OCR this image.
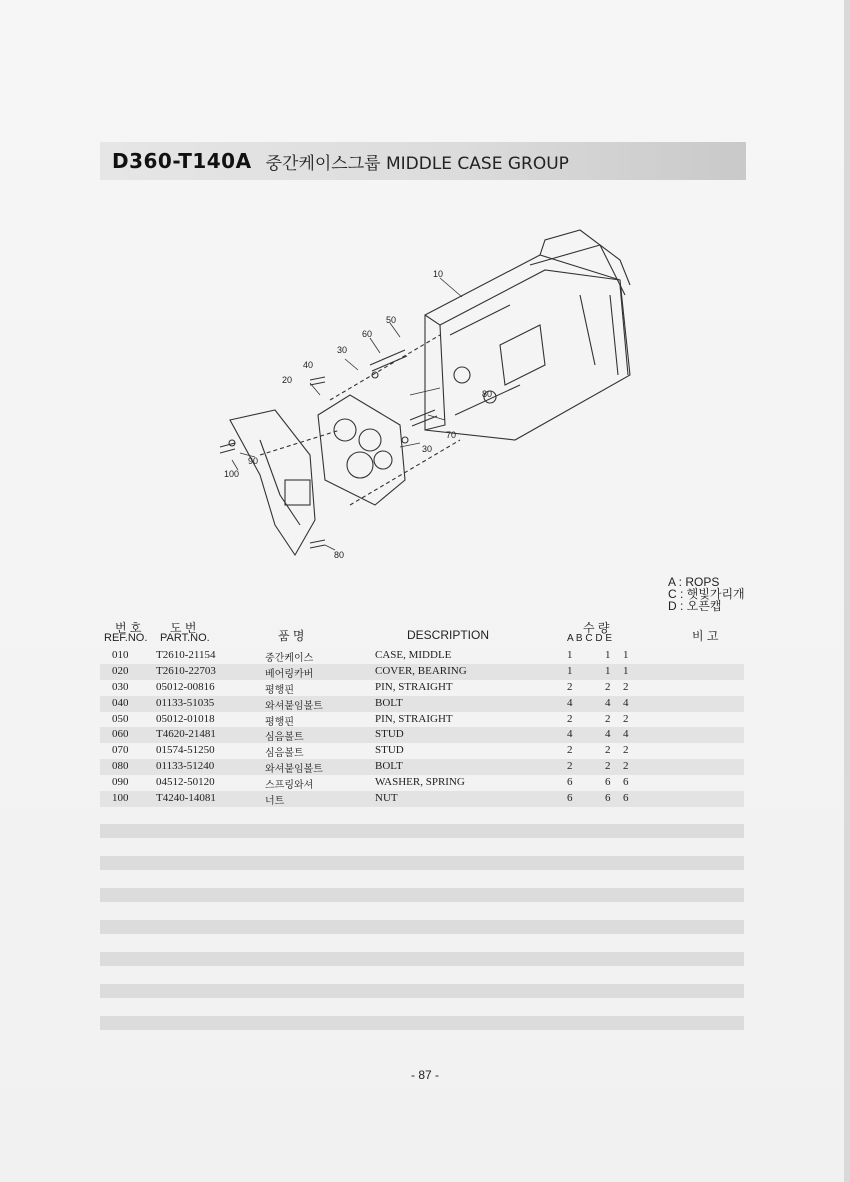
D360-T140A 중간케이스그룹 MIDDLE CASE GROUP
10
50
60
30
40
20
80
70
30
90
100
80
A : ROPS
C : 햇빛가리개
D : 오픈캡
번 호
REF.NO.
도 번
PART.NO.	품 명	DESCRIPTION	수 량
A B C D E	비 고
010	T2610-21154	중간케이스	CASE, MIDDLE	1	1 1
020	T2610-22703	베어링카버	COVER, BEARING	1	1 1
030	05012-00816	평행핀	PIN, STRAIGHT	2	2 2
040	01133-51035	와셔붙임볼트	BOLT	4	4 4
050	05012-01018	평행핀	PIN, STRAIGHT	2	2 2
060	T4620-21481	심음볼트	STUD	4	4 4
070	01574-51250	심음볼트	STUD	2	2 2
080	01133-51240	와셔붙임볼트	BOLT	2	2 2
090	04512-50120	스프링와셔	WASHER, SPRING	6	6 6
100	T4240-14081	너트	NUT	6	6 6
- 87 -
